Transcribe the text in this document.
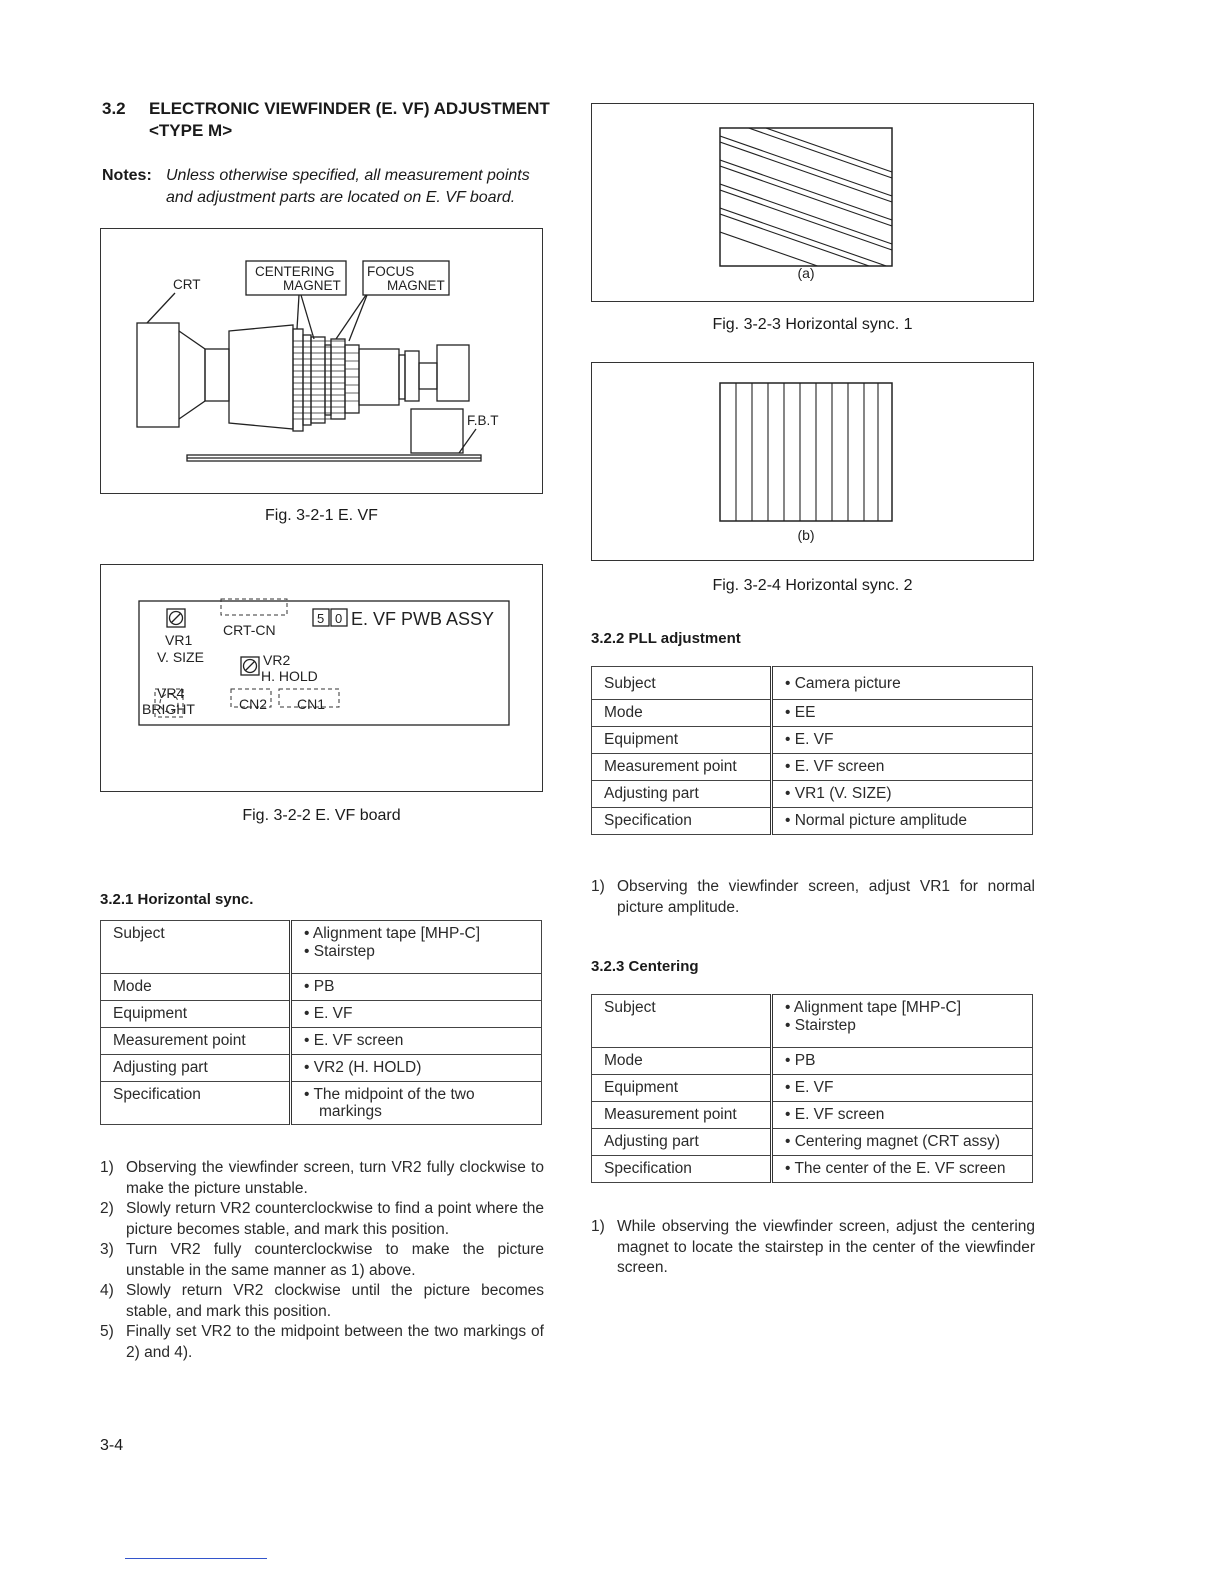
3.2 ELECTRONIC VIEWFINDER (E. VF) ADJUSTMENT
<TYPE M>
Notes: Unless otherwise specified, all measurement points
and adjustment parts are located on E. VF board.
CRT
CENTERING
MAGNET
FOCUS
MAGNET
F.B.T
Fig. 3-2-1 E. VF
VR1
V. SIZE
VR4
BRIGHT
CRT-CN
5 0 E. VF PWB ASSY
VR2
H. HOLD
CN2 CN1
Fig. 3-2-2 E. VF board
3.2.1 Horizontal sync.
Subject	• Alignment tape [MHP-C]
• Stairstep

Mode	• PB
Equipment	• E. VF
Measurement point	• E. VF screen
Adjusting part	• VR2 (H. HOLD)
Specification	• The midpoint of the two
markings
1) Observing the viewfinder screen, turn VR2 fully clockwise to make the picture unstable.
2) Slowly return VR2 counterclockwise to find a point where the picture becomes stable, and mark this position.
3) Turn VR2 fully counterclockwise to make the picture unstable in the same manner as 1) above.
4) Slowly return VR2 clockwise until the picture becomes stable, and mark this position.
5) Finally set VR2 to the midpoint between the two markings of 2) and 4).
3-4
(a)
Fig. 3-2-3 Horizontal sync. 1
(b)
Fig. 3-2-4 Horizontal sync. 2
3.2.2 PLL adjustment
Subject	• Camera picture
Mode	• EE
Equipment	• E. VF
Measurement point	• E. VF screen
Adjusting part	• VR1 (V. SIZE)
Specification	• Normal picture amplitude
1) Observing the viewfinder screen, adjust VR1 for normal picture amplitude.
3.2.3 Centering
Subject	• Alignment tape [MHP-C]
• Stairstep

Mode	• PB
Equipment	• E. VF
Measurement point	• E. VF screen
Adjusting part	• Centering magnet (CRT assy)
Specification	• The center of the E. VF screen
1) While observing the viewfinder screen, adjust the centering magnet to locate the stairstep in the center of the viewfinder screen.
